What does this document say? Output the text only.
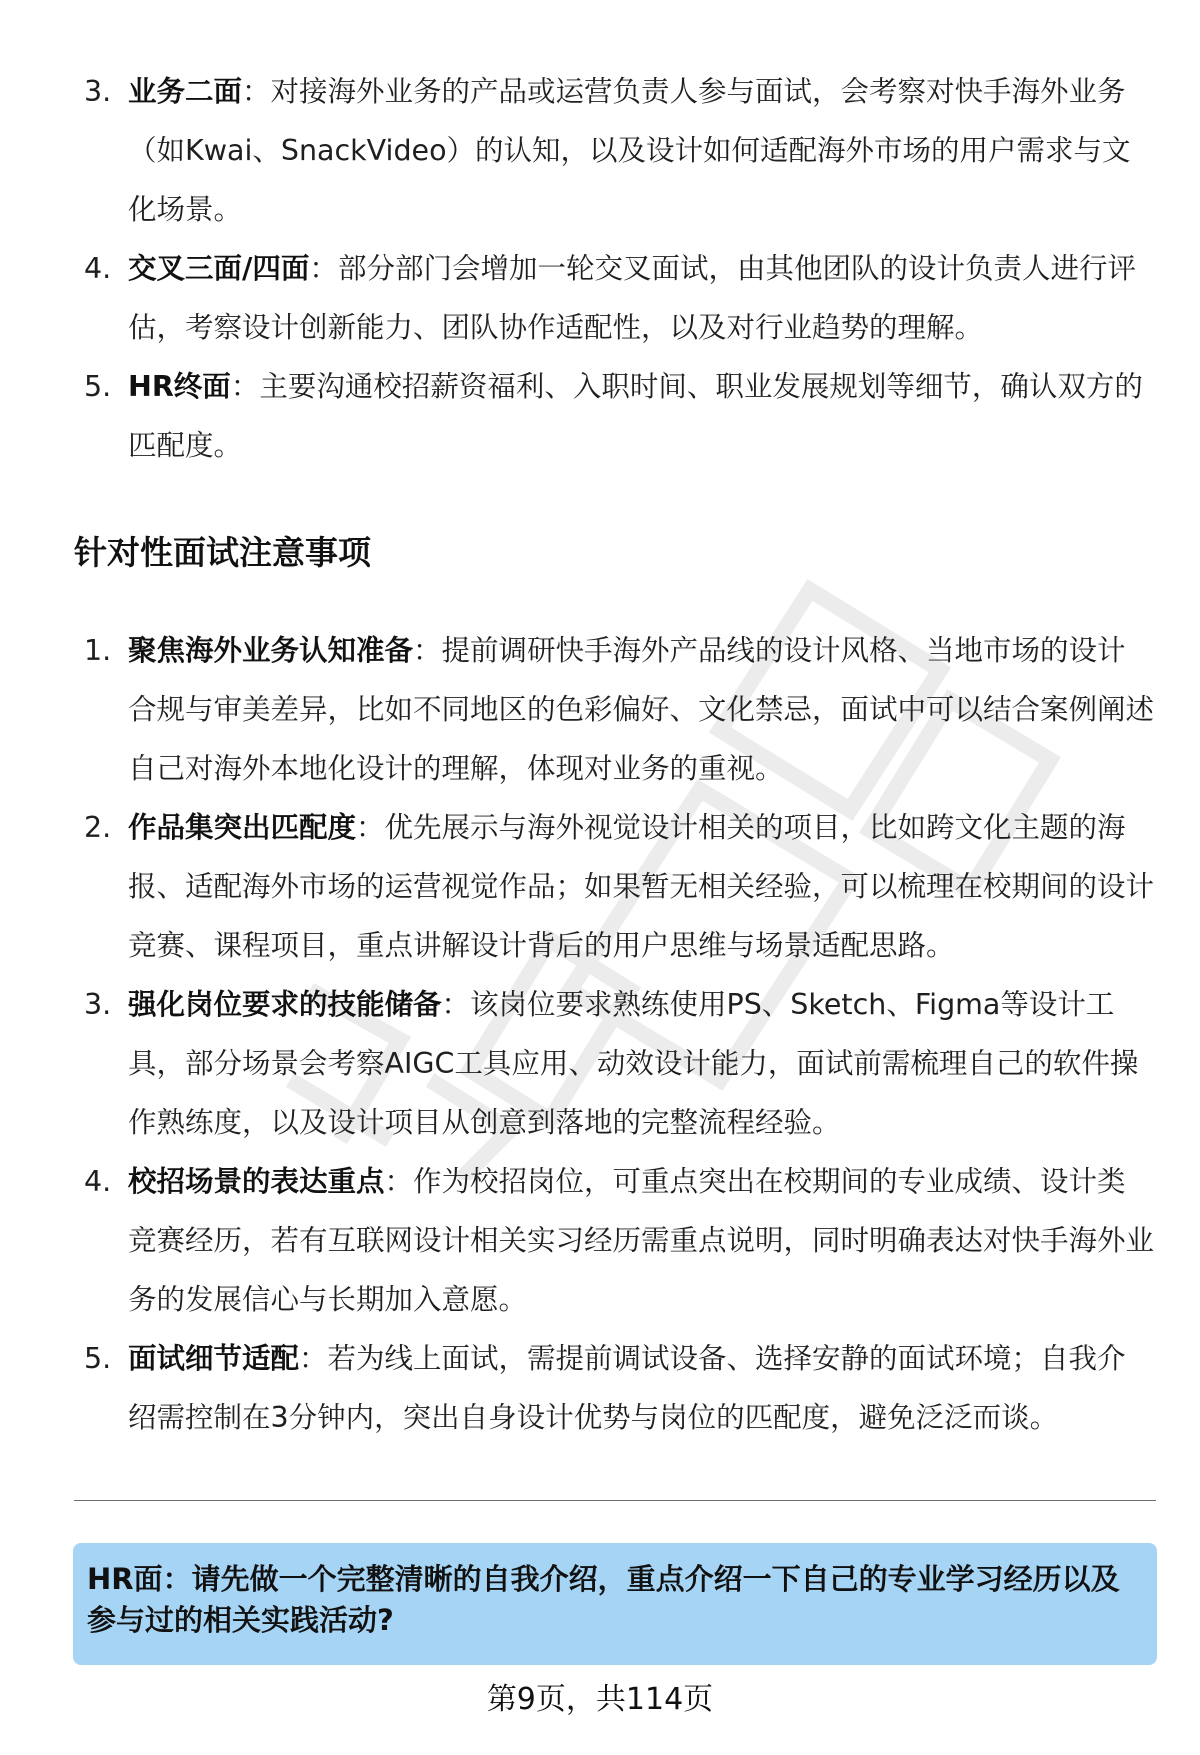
3. 业务二面：对接海外业务的产品或运营负责人参与面试，会考察对快手海外业务（如Kwai、SnackVideo）的认知，以及设计如何适配海外市场的用户需求与文化场景。
4. 交叉三面/四面：部分部门会增加一轮交叉面试，由其他团队的设计负责人进行评估，考察设计创新能力、团队协作适配性，以及对行业趋势的理解。
5. HR终面：主要沟通校招薪资福利、入职时间、职业发展规划等细节，确认双方的匹配度。
针对性面试注意事项
1. 聚焦海外业务认知准备：提前调研快手海外产品线的设计风格、当地市场的设计合规与审美差异，比如不同地区的色彩偏好、文化禁忌，面试中可以结合案例阐述自己对海外本地化设计的理解，体现对业务的重视。
2. 作品集突出匹配度：优先展示与海外视觉设计相关的项目，比如跨文化主题的海报、适配海外市场的运营视觉作品；如果暂无相关经验，可以梳理在校期间的设计竞赛、课程项目，重点讲解设计背后的用户思维与场景适配思路。
3. 强化岗位要求的技能储备：该岗位要求熟练使用PS、Sketch、Figma等设计工具，部分场景会考察AIGC工具应用、动效设计能力，面试前需梳理自己的软件操作熟练度，以及设计项目从创意到落地的完整流程经验。
4. 校招场景的表达重点：作为校招岗位，可重点突出在校期间的专业成绩、设计类竞赛经历，若有互联网设计相关实习经历需重点说明，同时明确表达对快手海外业务的发展信心与长期加入意愿。
5. 面试细节适配：若为线上面试，需提前调试设备、选择安静的面试环境；自我介绍需控制在3分钟内，突出自身设计优势与岗位的匹配度，避免泛泛而谈。
HR面：请先做一个完整清晰的自我介绍，重点介绍一下自己的专业学习经历以及参与过的相关实践活动?
第9页，共114页
